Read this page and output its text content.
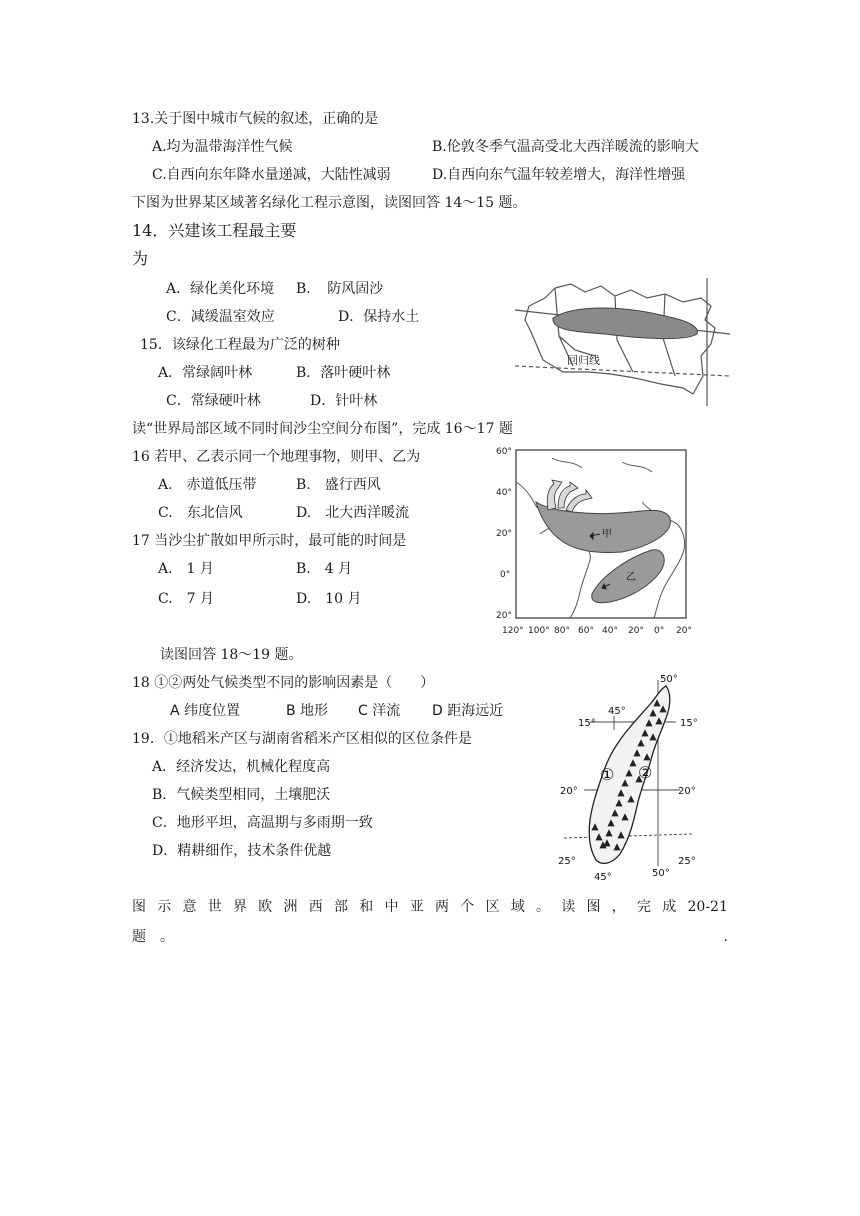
13.关于图中城市气候的叙述，正确的是
A.均为温带海洋性气候	B.伦敦冬季气温高受北大西洋暖流的影响大
C.自西向东年降水量递减，大陆性减弱	D.自西向东气温年较差增大，海洋性增强
下图为世界某区域著名绿化工程示意图，读图回答 14～15 题。
14．兴建该工程最主要
为
A．绿化美化环境 B．　防风固沙
C．减缓温室效应	D．保持水土
15．该绿化工程最为广泛的树种
A．常绿阔叶林	B．落叶硬叶林
C．常绿硬叶林	D．针叶林
回归线
读“世界局部区域不同时间沙尘空间分布图”，完成 16～17 题
16 若甲、乙表示同一个地理事物，则甲、乙为
A.　赤道低压带	B.　盛行西风
C.　东北信风	D.　北大西洋暖流
17 当沙尘扩散如甲所示时，最可能的时间是
A.　1 月	B.　4 月
C.　7 月	D.　10 月
60°
40°
20°
0°
20°
120° 100° 80° 60° 40° 20° 0° 20°
甲
乙
读图回答 18～19 题。
18 ①②两处气候类型不同的影响因素是（　　）
A 纬度位置	B 地形 C 洋流 D 距海远近
19．①地稻米产区与湖南省稻米产区相似的区位条件是
A．经济发达，机械化程度高
B．气候类型相同，土壤肥沃
C．地形平坦，高温期与多雨期一致
D．精耕细作，技术条件优越
50°
45°
15°	15°
20°	20°
25°	25°
50°
45°
① ②
图 示 意 世 界 欧 洲 西 部 和 中 亚 两 个 区 域 。 读 图 ， 完 成 20-21
题　。	.
